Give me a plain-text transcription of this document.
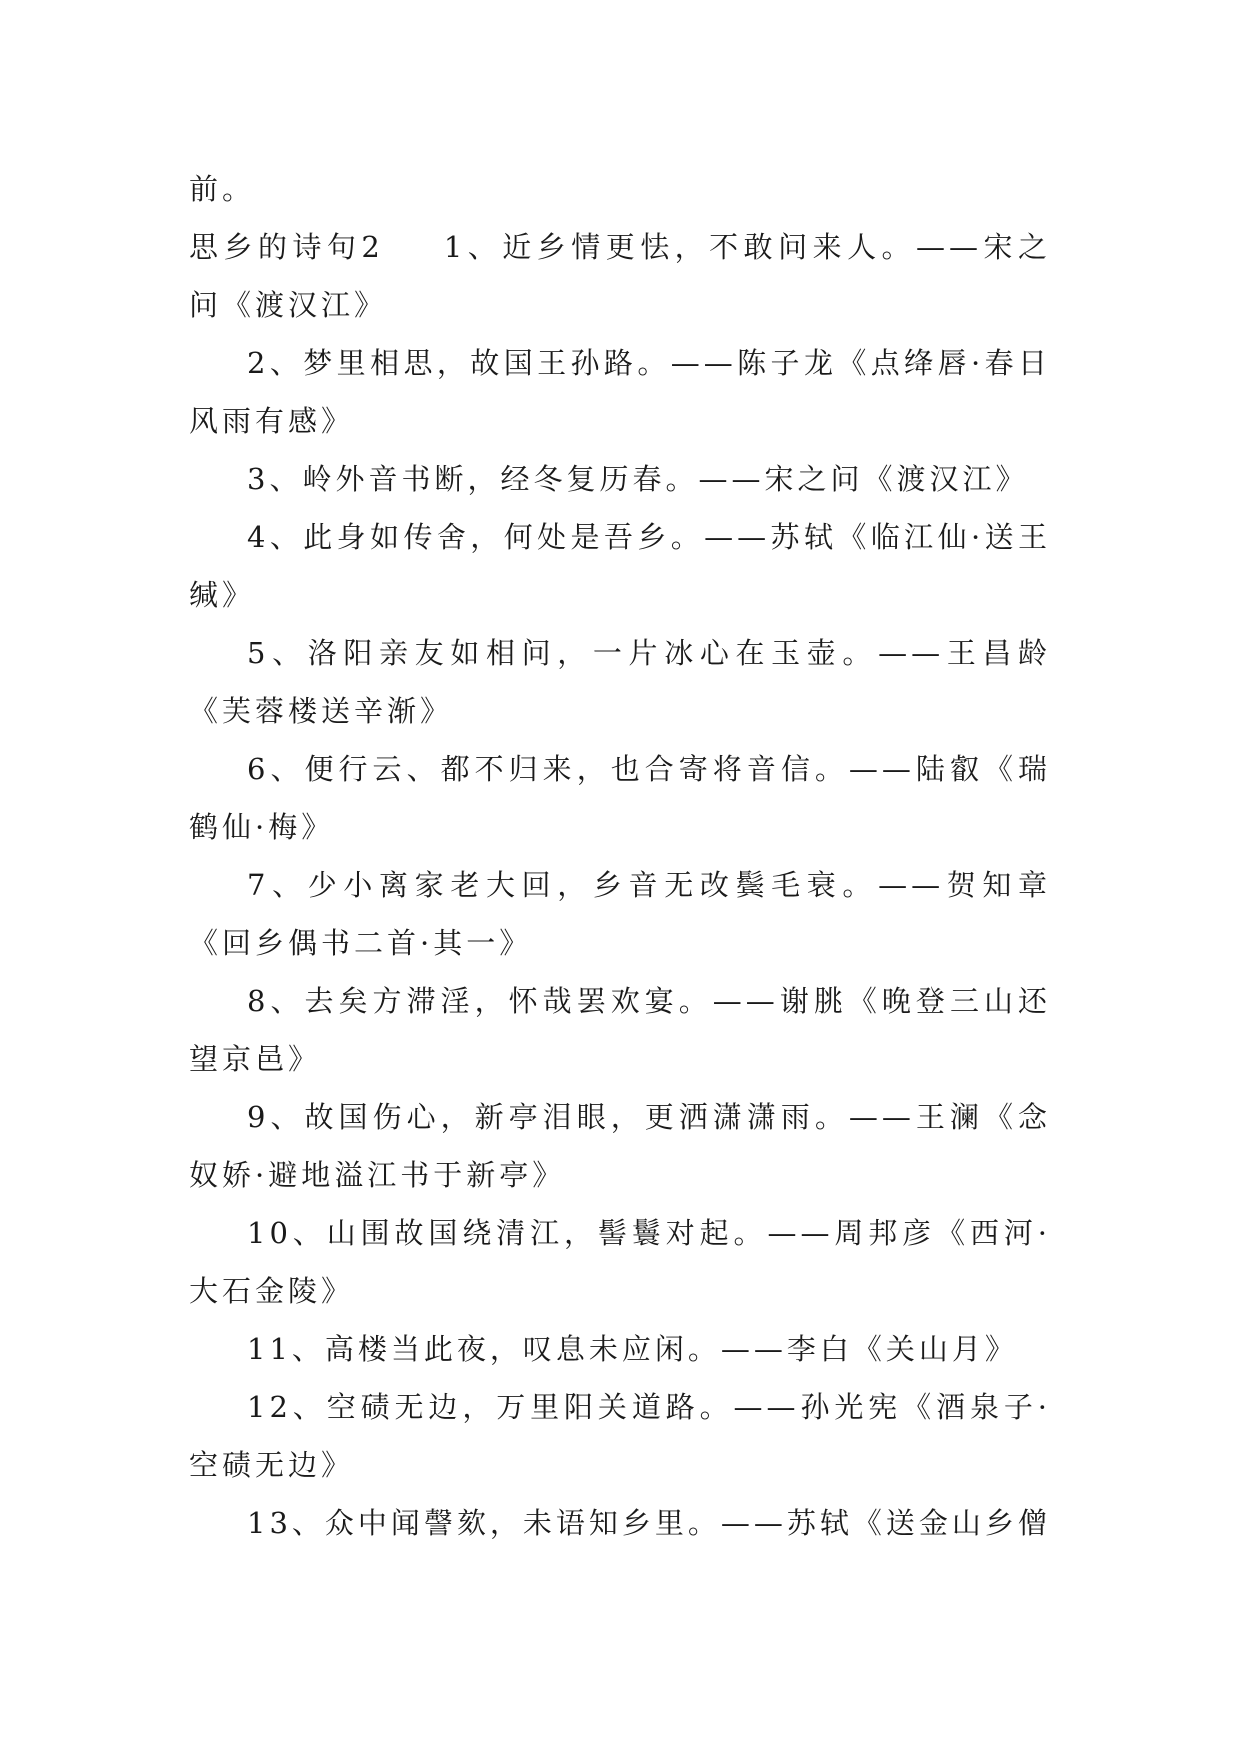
前。

思乡的诗句2 1、近乡情更怯，不敢问来人。——宋之问《渡汉江》

2、梦里相思，故国王孙路。——陈子龙《点绛唇·春日风雨有感》

3、岭外音书断，经冬复历春。——宋之问《渡汉江》

4、此身如传舍，何处是吾乡。——苏轼《临江仙·送王缄》

5、洛阳亲友如相问，一片冰心在玉壶。——王昌龄《芙蓉楼送辛渐》

6、便行云、都不归来，也合寄将音信。——陆叡《瑞鹤仙·梅》

7、少小离家老大回，乡音无改鬓毛衰。——贺知章《回乡偶书二首·其一》

8、去矣方滞淫，怀哉罢欢宴。——谢朓《晚登三山还望京邑》

9、故国伤心，新亭泪眼，更洒潇潇雨。——王澜《念奴娇·避地溢江书于新亭》

10、山围故国绕清江，髻鬟对起。——周邦彦《西河·大石金陵》

11、高楼当此夜，叹息未应闲。——李白《关山月》

12、空碛无边，万里阳关道路。——孙光宪《酒泉子·空碛无边》

13、众中闻謦欬，未语知乡里。——苏轼《送金山乡僧
